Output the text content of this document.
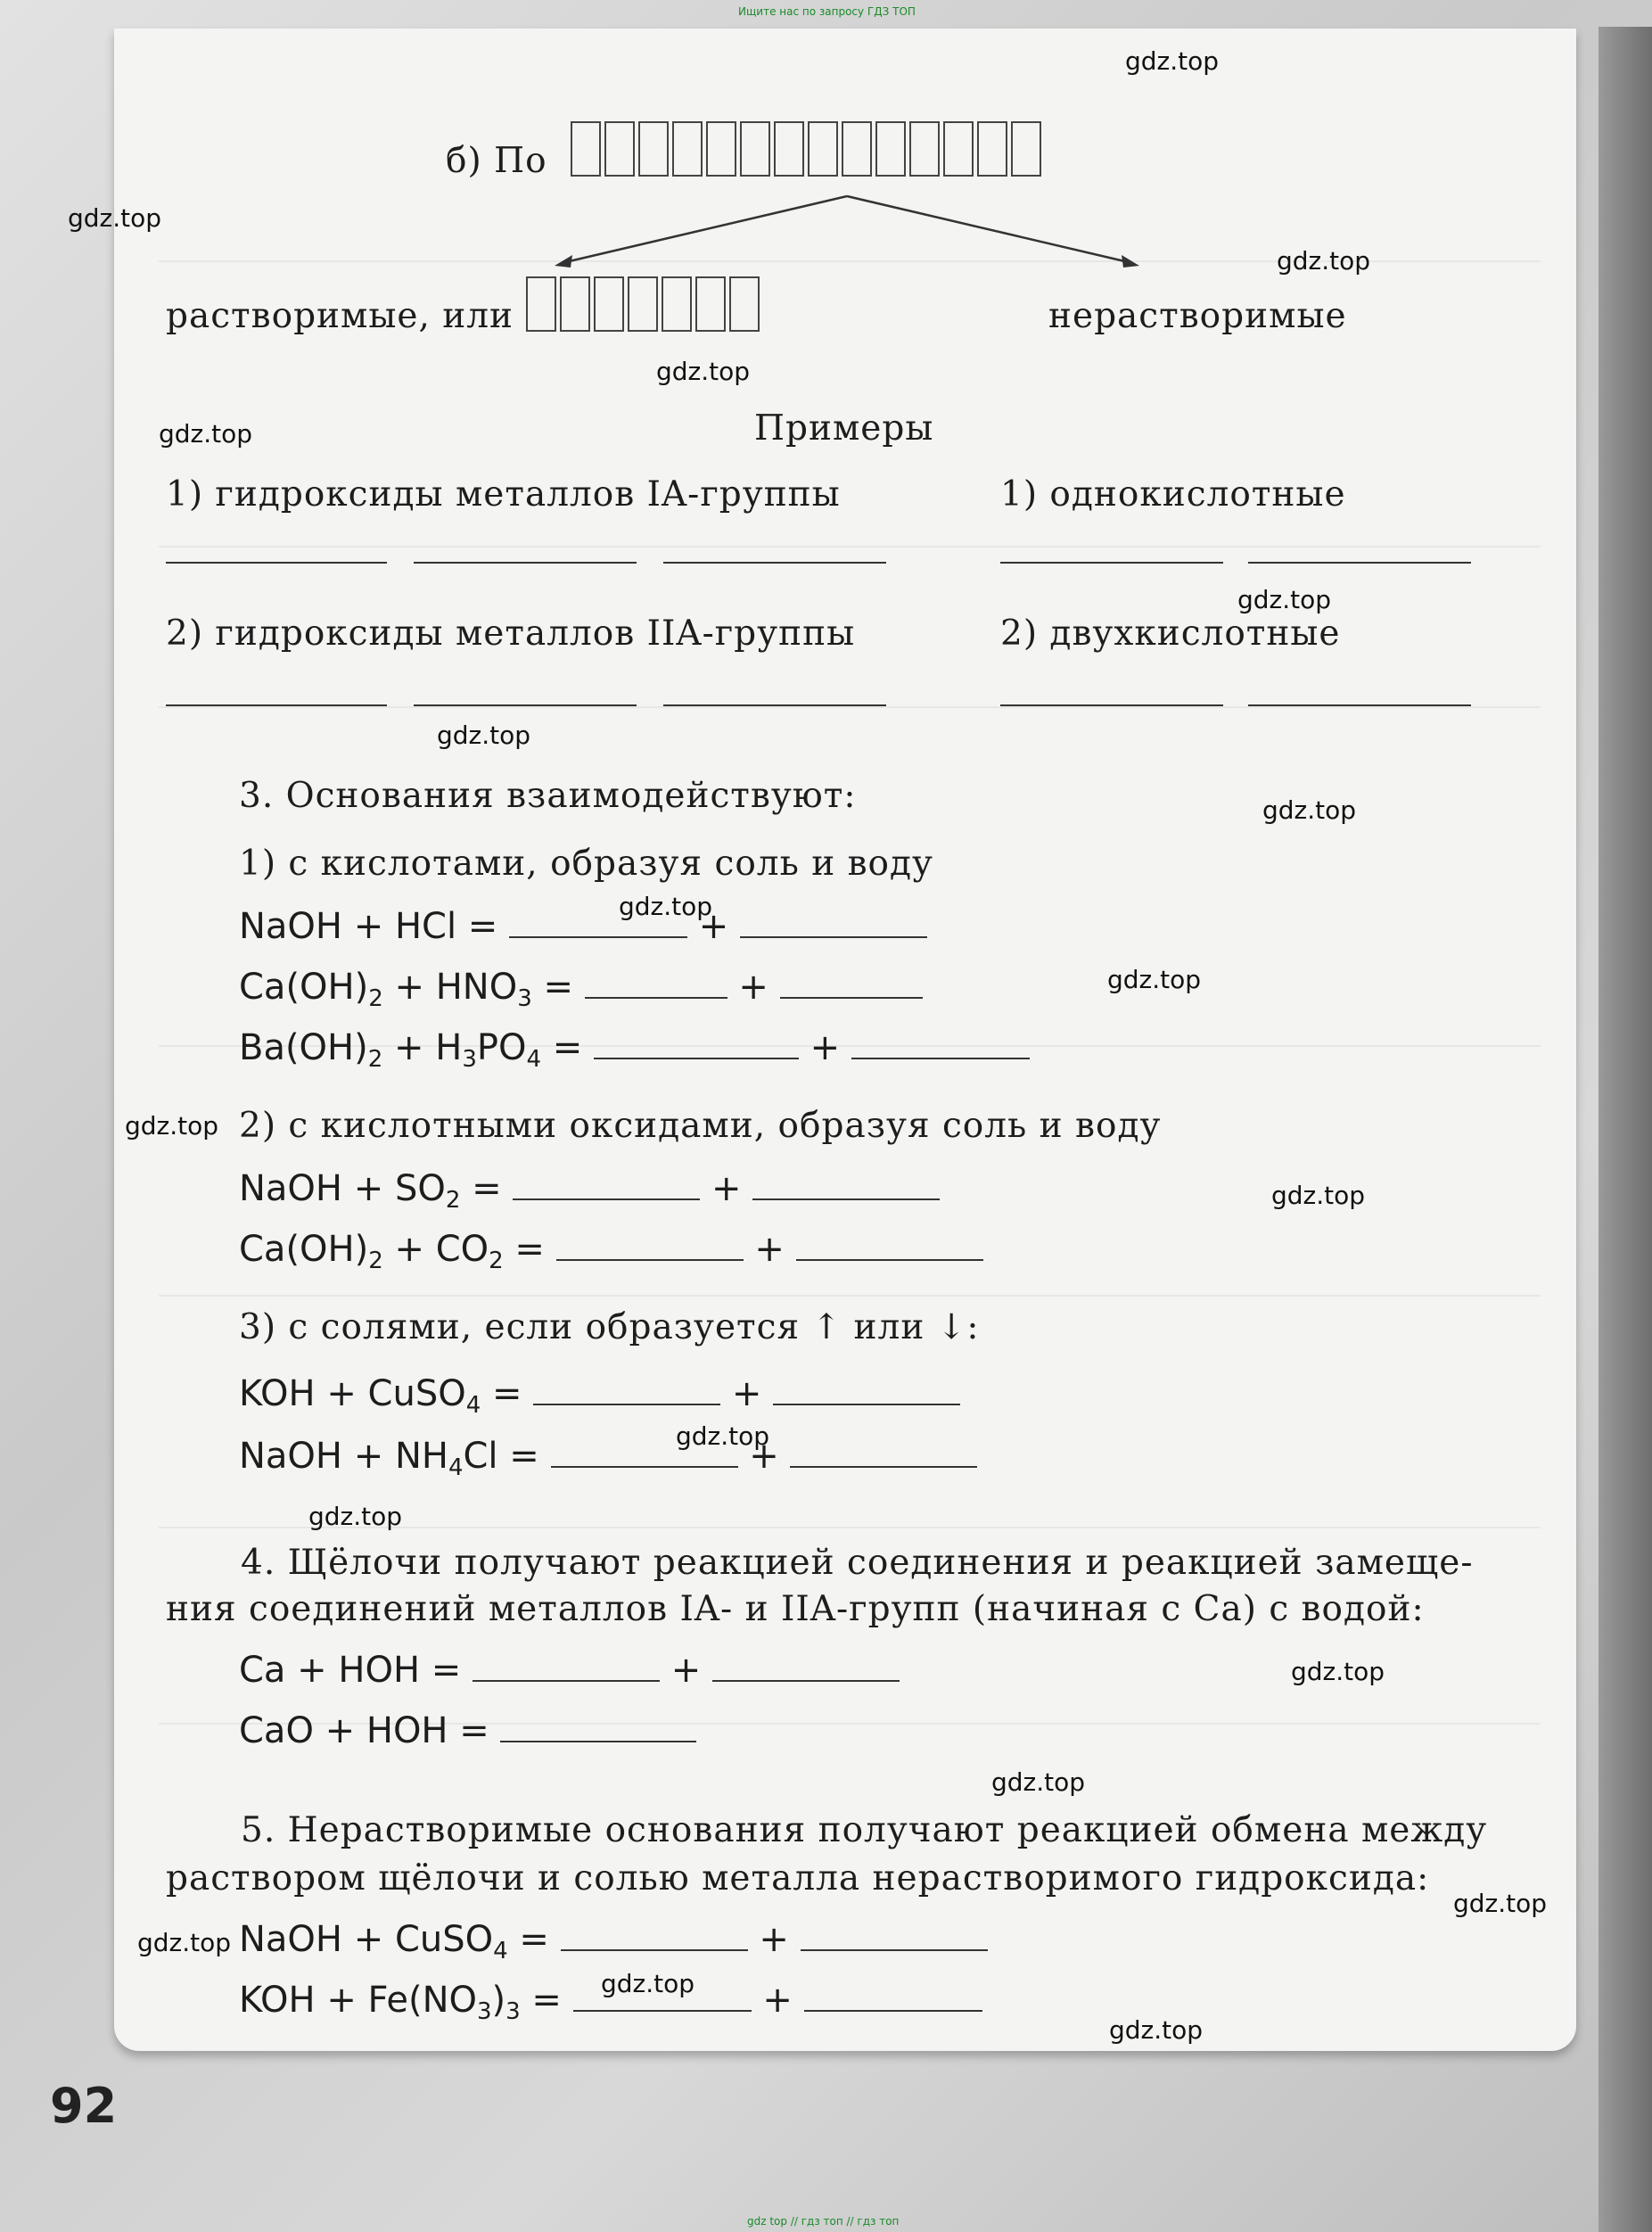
Ищите нас по запросу ГДЗ ТОП
б) По
растворимые, или	нерастворимые
Примеры
1) гидроксиды металлов IA-группы	1) однокислотные
2) гидроксиды металлов IIA-группы	2) двухкислотные
3. Основания взаимодействуют:
1) с кислотами, образуя соль и воду
NaOH + HCl =	+
$Ca(OH)_2 + HNO_3$ =	+
$Ba(OH)_2 + H_3PO_4$ =	+
2) с кислотными оксидами, образуя соль и воду
NaOH + $SO_2$ =	+
$Ca(OH)_2 + CO_2$ =	+
3) с солями, если образуется ↑ или ↓:
KOH + CuSO$_4$ =	+
NaOH + $NH_4Cl$ =	+
4. Щёлочи получают реакцией соединения и реакцией замеще-
ния соединений металлов IA- и IIA-групп (начиная с Ca) с водой:
Ca + HOH =	+
CaO + HOH =
5. Нерастворимые основания получают реакцией обмена между
раствором щёлочи и солью металла нерастворимого гидроксида:
NaOH + CuSO$_4$ =	+
KOH + $Fe(NO_3)_3$ =	+
92
gdz.top
gdz.top
gdz.top
gdz.top
gdz.top
gdz.top
gdz.top
gdz.top
gdz.top
gdz.top
gdz.top
gdz.top
gdz.top
gdz.top
gdz.top
gdz.top
gdz.top
gdz.top
gdz.top
gdz.top
gdz top // гдз топ // гдз топ
